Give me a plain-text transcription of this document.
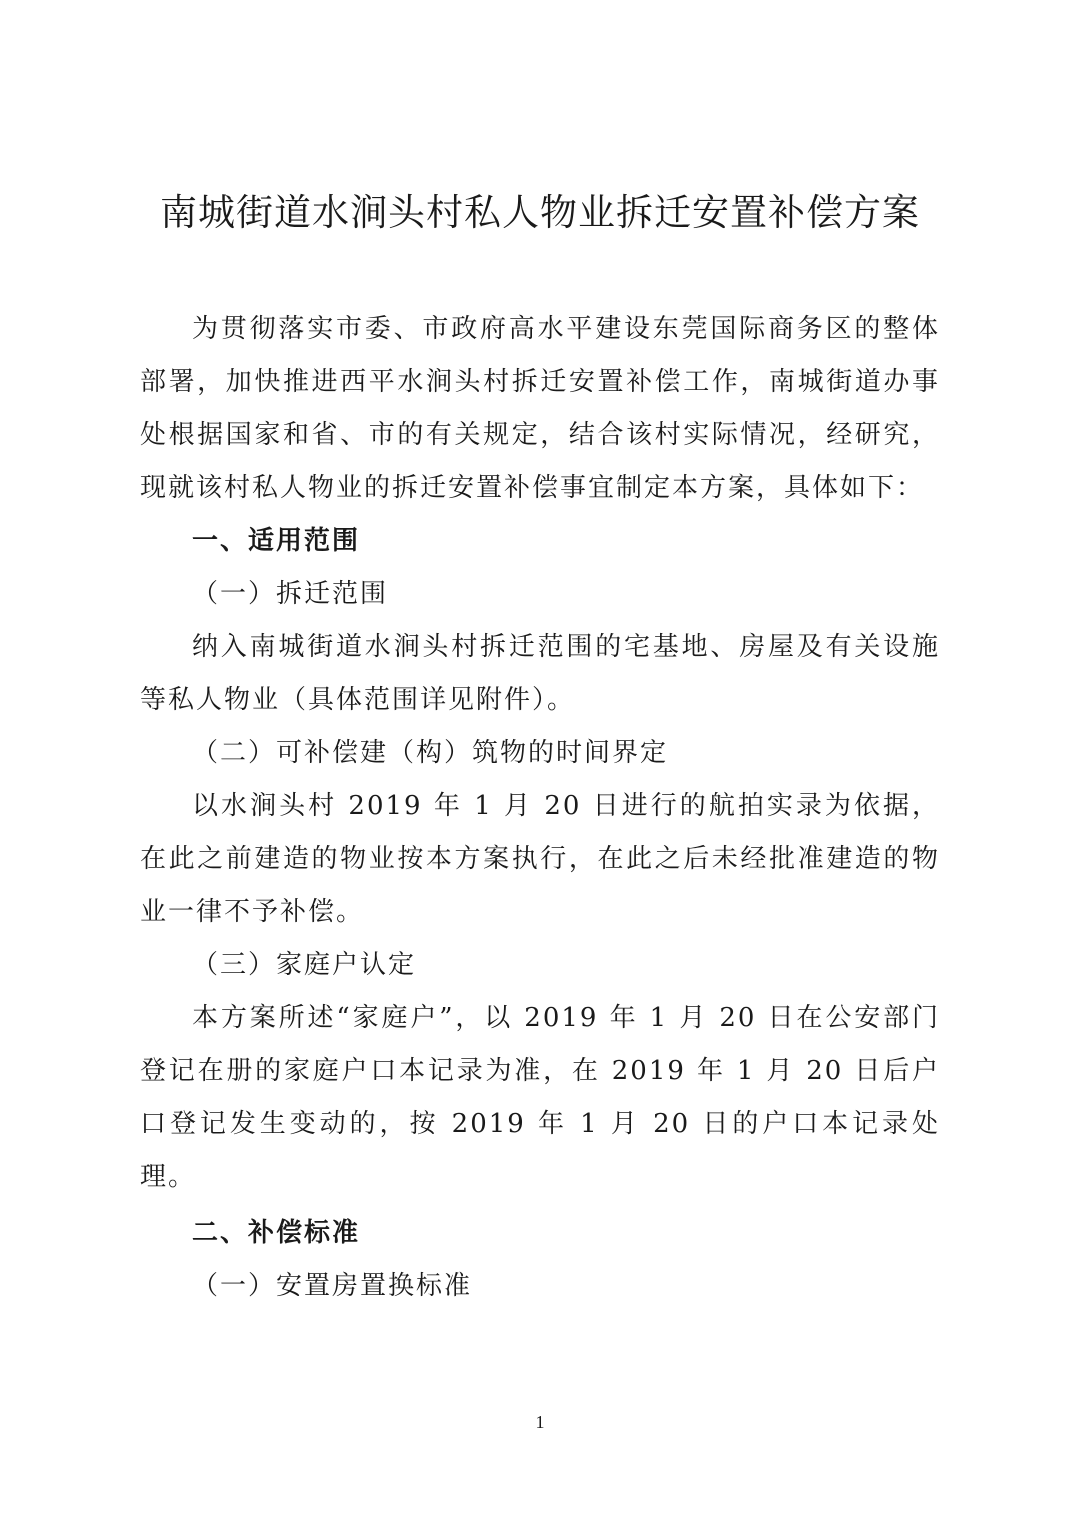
南城街道水涧头村私人物业拆迁安置补偿方案

为贯彻落实市委、市政府高水平建设东莞国际商务区的整体部署，加快推进西平水涧头村拆迁安置补偿工作，南城街道办事处根据国家和省、市的有关规定，结合该村实际情况，经研究，现就该村私人物业的拆迁安置补偿事宜制定本方案，具体如下：

一、适用范围
（一）拆迁范围

纳入南城街道水涧头村拆迁范围的宅基地、房屋及有关设施等私人物业（具体范围详见附件）。

（二）可补偿建（构）筑物的时间界定

以水涧头村 2019 年 1 月 20 日进行的航拍实录为依据，在此之前建造的物业按本方案执行，在此之后未经批准建造的物业一律不予补偿。

（三）家庭户认定

本方案所述“家庭户”，以 2019 年 1 月 20 日在公安部门登记在册的家庭户口本记录为准，在 2019 年 1 月 20 日后户口登记发生变动的，按 2019 年 1 月 20 日的户口本记录处理。

二、补偿标准
（一）安置房置换标准
1
